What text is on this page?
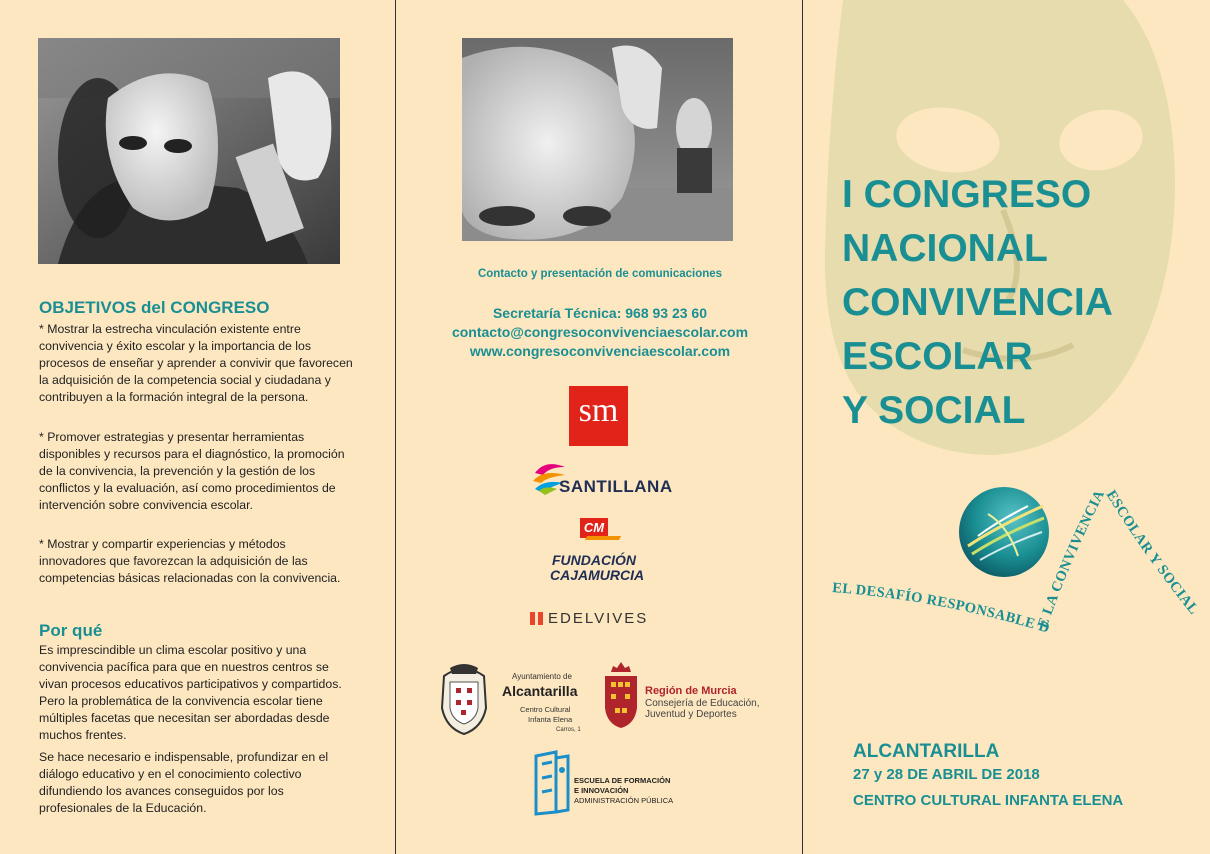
OBJETIVOS del CONGRESO

* Mostrar la estrecha vinculación existente entre convivencia y éxito escolar y la importancia de los procesos de enseñar y aprender a convivir que favorecen la adquisición de la competencia social y ciudadana y contribuyen a la formación integral de la persona.

* Promover estrategias y presentar herramientas disponibles y recursos para el diagnóstico, la promoción de la convivencia, la prevención y la gestión de los conflictos y la evaluación, así como procedimientos de intervención sobre convivencia escolar.

* Mostrar y compartir experiencias y métodos innovadores que favorezcan la adquisición de las competencias básicas relacionadas con la convivencia.

Por qué

Es imprescindible un clima escolar positivo y una convivencia pacífica para que en nuestros centros se vivan procesos educativos participativos y compartidos. Pero la problemática de la convivencia escolar tiene múltiples facetas que necesitan ser abordadas desde muchos frentes.

Se hace necesario e indispensable, profundizar en el diálogo educativo y en el conocimiento colectivo difundiendo los avances conseguidos por los profesionales de la Educación.

Contacto y presentación de comunicaciones
Secretaría Técnica: 968 93 23 60
contacto@congresoconvivenciaescolar.com
www.congresoconvivenciaescolar.com
sm
SANTILLANA
CM
FUNDACIÓN
CAJAMURCIA
EDELVIVES
Ayuntamiento de
Alcantarilla
Centro Cultural
Infanta Elena
Carros, 1
Región de Murcia
Consejería de Educación,
Juventud y Deportes
ESCUELA DE FORMACIÓN
E INNOVACIÓN
ADMINISTRACIÓN PÚBLICA
I CONGRESO
NACIONAL
CONVIVENCIA
ESCOLAR
Y SOCIAL
EL DESAFÍO RESPONSABLE DE LA CONVIVENCIA ESCOLAR Y SOCIAL
ALCANTARILLA
27 y 28 DE ABRIL DE 2018
CENTRO CULTURAL INFANTA ELENA
